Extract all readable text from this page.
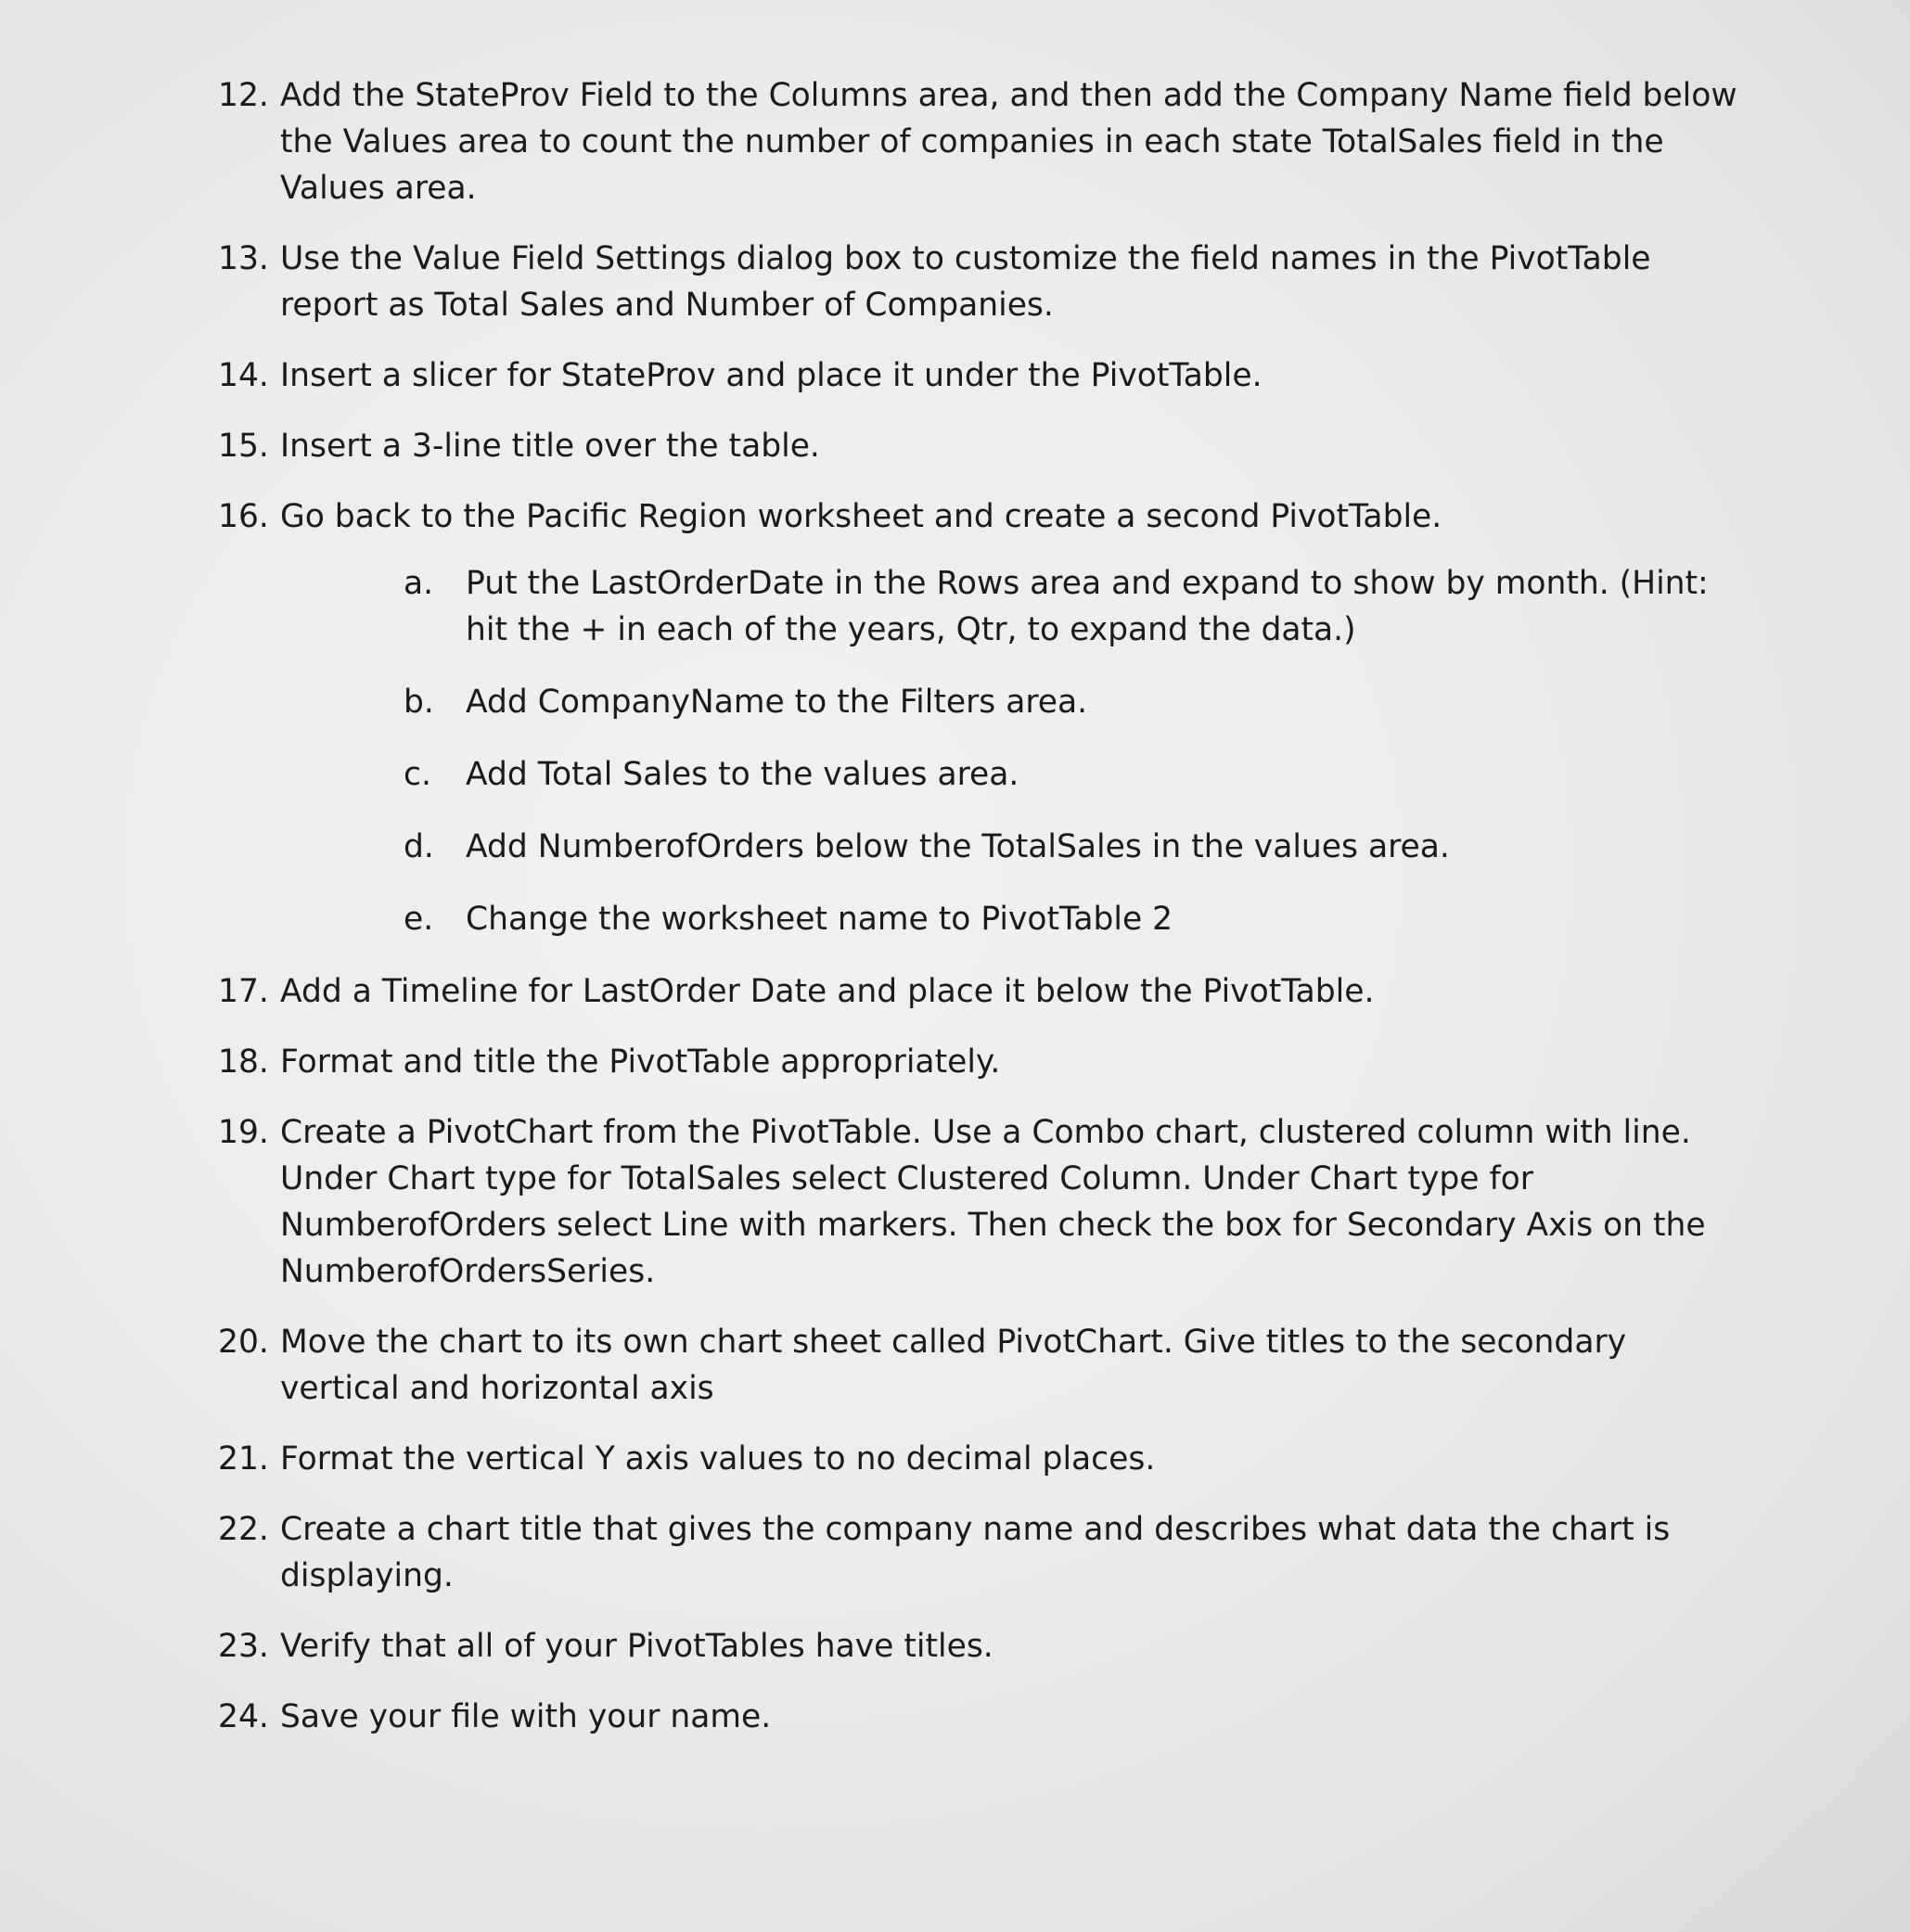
12. Add the StateProv Field to the Columns area, and then add the Company Name field below the Values area to count the number of companies in each state TotalSales field in the Values area.
13. Use the Value Field Settings dialog box to customize the field names in the PivotTable report as Total Sales and Number of Companies.
14. Insert a slicer for StateProv and place it under the PivotTable.
15. Insert a 3-line title over the table.
16. Go back to the Pacific Region worksheet and create a second PivotTable.
a. Put the LastOrderDate in the Rows area and expand to show by month. (Hint: hit the + in each of the years, Qtr, to expand the data.)
b. Add CompanyName to the Filters area.
c. Add Total Sales to the values area.
d. Add NumberofOrders below the TotalSales in the values area.
e. Change the worksheet name to PivotTable 2
17. Add a Timeline for LastOrder Date and place it below the PivotTable.
18. Format and title the PivotTable appropriately.
19. Create a PivotChart from the PivotTable. Use a Combo chart, clustered column with line. Under Chart type for TotalSales select Clustered Column. Under Chart type for NumberofOrders select Line with markers. Then check the box for Secondary Axis on the NumberofOrdersSeries.
20. Move the chart to its own chart sheet called PivotChart. Give titles to the secondary vertical and horizontal axis
21. Format the vertical Y axis values to no decimal places.
22. Create a chart title that gives the company name and describes what data the chart is displaying.
23. Verify that all of your PivotTables have titles.
24. Save your file with your name.
